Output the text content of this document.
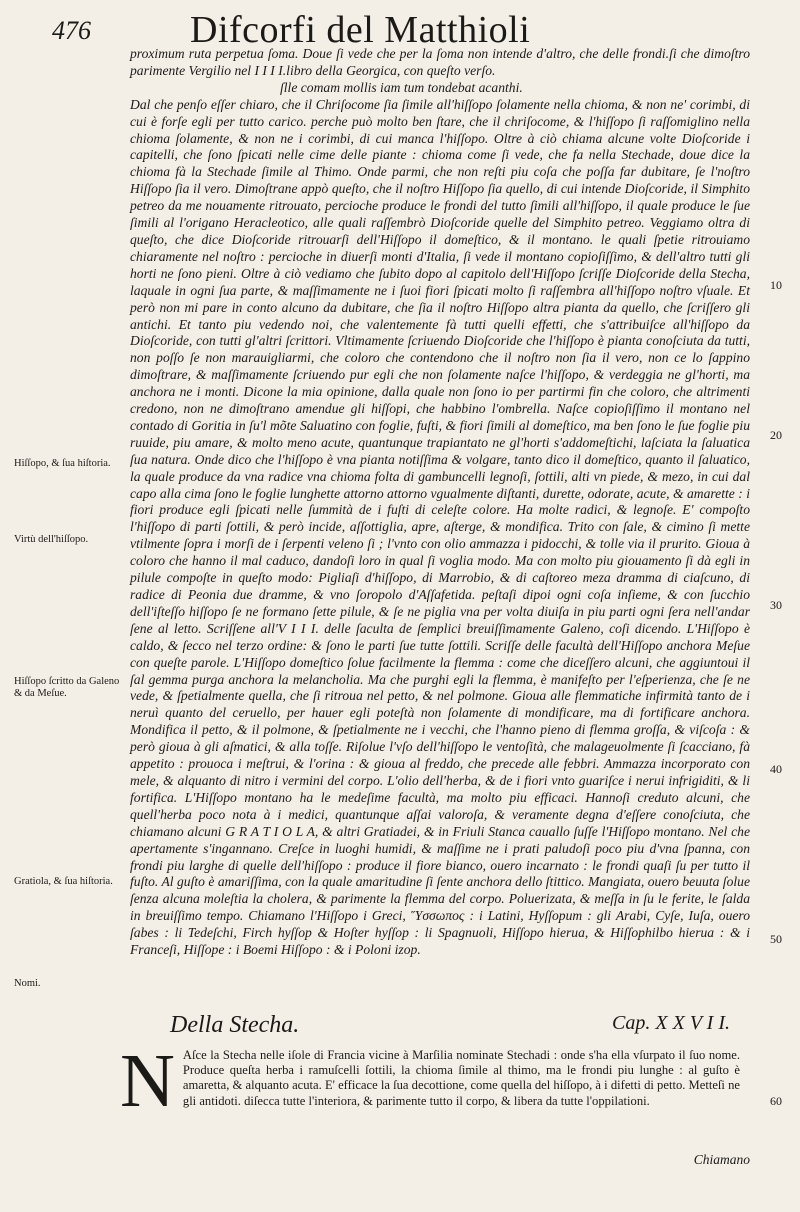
476	Difcorfi del Matthioli

proximum ruta perpetua ſoma. Doue ſi vede che per la ſoma non intende d'altro, che delle frondi.ſi che dimoſtro parimente Vergilio nel I I I I.libro della Georgica, con queſto verſo.

ſlle comam mollis iam tum tondebat acanthi.

Dal che penſo eſſer chiaro, che il Chriſocome ſia ſimile all'hiſſopo ſolamente nella chioma, & non ne' corimbi, di cui è forſe egli per tutto carico. perche può molto ben ſtare, che il chriſocome, & l'hiſſopo ſi raſſomiglino nella chioma ſolamente, & non ne i corimbi, di cui manca l'hiſſopo. Oltre à ciò chiama alcune volte Dioſcoride i capitelli, che ſono ſpicati nelle cime delle piante : chioma come ſi vede, che fa nella Stechade, doue dice la chioma fà la Stechade ſimile al Thimo. Onde parmi, che non reſti piu coſa che poſſa far dubitare, ſe l'noſtro Hiſſopo ſia il vero. Dimoſtrane appò queſto, che il noſtro Hiſſopo ſia quello, di cui intende Dioſcoride, il Simphito petreo da me nouamente ritrouato, percioche produce le frondi del tutto ſimili all'hiſſopo, il quale produce le ſue ſimili al l'origano Heracleotico, alle quali raſſembrò Dioſcoride quelle del Simphito petreo. Veggiamo oltra di queſto, che dice Dioſcoride ritrouarſi dell'Hiſſopo il domeſtico, & il montano. le quali ſpetie ritrouiamo chiaramente nel noſtro : percioche in diuerſi monti d'Italia, ſi vede il montano copioſiſſimo, & dell'altro tutti gli horti ne ſono pieni. Oltre à ciò vediamo che ſubito dopo al capitolo dell'Hiſſopo ſcriſſe Dioſcoride della Stecha, laquale in ogni ſua parte, & maſſimamente ne i ſuoi fiori ſpicati molto ſi raſſembra all'hiſſopo noſtro vſuale. Et però non mi pare in conto alcuno da dubitare, che ſia il noſtro Hiſſopo altra pianta da quello, che ſcriſſero gli antichi. Et tanto piu vedendo noi, che valentemente fà tutti quelli effetti, che s'attribuiſce all'hiſſopo da Dioſcoride, con tutti gl'altri ſcrittori. Vltimamente ſcriuendo Dioſcoride che l'hiſſopo è pianta conoſciuta da tutti, non poſſo ſe non marauigliarmi, che coloro che contendono che il noſtro non ſia il vero, non ce lo ſappino dimoſtrare, & maſſimamente ſcriuendo pur egli che non ſolamente naſce l'hiſſopo, & verdeggia ne gl'horti, ma anchora ne i monti. Dicone la mia opinione, dalla quale non ſono io per partirmi fin che coloro, che altrimenti credono, non ne dimoſtrano amendue gli hiſſopi, che habbino l'ombrella. Naſce copioſiſſimo il montano nel contado di Goritia in ſu'l mõte Saluatino con foglie, fuſti, & fiori ſimili al domeſtico, ma ben ſono le ſue foglie piu ruuide, piu amare, & molto meno acute, quantunque trapiantato ne gl'horti s'addomeſtichi, laſciata la ſaluatica ſua natura. Onde dico che l'hiſſopo è vna pianta notiſſima & volgare, tanto dico il domeſtico, quanto il ſaluatico, la quale produce da vna radice vna chioma folta di gambuncelli legnoſi, ſottili, alti vn piede, & mezo, in cui dal capo alla cima ſono le foglie lunghette attorno attorno vgualmente diſtanti, durette, odorate, acute, & amarette : i fiori produce egli ſpicati nelle ſummità de i fuſti di celeſte colore. Ha molte radici, & legnoſe. E' compoſto l'hiſſopo di parti ſottili, & però incide, aſſottiglia, apre, aſterge, & mondifica. Trito con ſale, & cimino ſi mette vtilmente ſopra i morſi de i ſerpenti veleno ſi ; l'vnto con olio ammazza i pidocchi, & tolle via il prurito. Gioua à coloro che hanno il mal caduco, dandoſi loro in qual ſi voglia modo. Ma con molto piu giouamento ſi dà egli in pilule compoſte in queſto modo: Pigliaſi d'hiſſopo, di Marrobio, & di caſtoreo meza dramma di ciaſcuno, di radice di Peonia due dramme, & vno ſoropolo d'Aſſafetida. peſtaſi dipoi ogni coſa inſieme, & con ſucchio dell'iſteſſo hiſſopo ſe ne formano ſette pilule, & ſe ne piglia vna per volta diuiſa in piu parti ogni ſera nell'andar ſene al letto. Scriſſene all'V I I I. delle ſaculta de ſemplici breuiſſimamente Galeno, coſi dicendo. L'Hiſſopo è caldo, & ſecco nel terzo ordine: & ſono le parti ſue tutte ſottili. Scriſſe delle facultà dell'Hiſſopo anchora Meſue con queſte parole. L'Hiſſopo domeſtico ſolue facilmente la flemma : come che diceſſero alcuni, che aggiuntoui il ſal gemma purga anchora la melancholia. Ma che purghi egli la flemma, è manifeſto per l'eſperienza, che ſe ne vede, & ſpetialmente quella, che ſi ritroua nel petto, & nel polmone. Gioua alle flemmatiche infirmità tanto de i neruì quanto del ceruello, per hauer egli poteſtà non ſolamente di mondificare, ma di fortificare anchora. Mondifica il petto, & il polmone, & ſpetialmente ne i vecchi, che l'hanno pieno di flemma groſſa, & viſcoſa : & però gioua à gli aſmatici, & alla toſſe. Riſolue l'vſo dell'hiſſopo le ventoſità, che malageuolmente ſi ſcacciano, fà appetito : prouoca i meſtrui, & l'orina : & gioua al freddo, che precede alle febbri. Ammazza incorporato con mele, & alquanto di nitro i vermini del corpo. L'olio dell'herba, & de i fiori vnto guariſce i nerui infrigiditi, & li fortifica. L'Hiſſopo montano ha le medeſime facultà, ma molto piu efficaci. Hannoſi creduto alcuni, che quell'herba poco nota à i medici, quantunque aſſai valoroſa, & veramente degna d'eſſere conoſciuta, che chiamano alcuni G R A T I O L A, & altri Gratiadei, & in Friuli Stanca cauallo ſuſſe l'Hiſſopo montano. Nel che apertamente s'ingannano. Creſce in luoghi humidi, & maſſime ne i prati paludoſi poco piu d'vna ſpanna, con frondi piu larghe di quelle dell'hiſſopo : produce il fiore bianco, ouero incarnato : le frondi quaſi ſu per tutto il fuſto. Al guſto è amariſſima, con la quale amaritudine ſi ſente anchora dello ſtittico. Mangiata, ouero beuuta ſolue ſenza alcuna moleſtia la cholera, & parimente la flemma del corpo. Poluerizata, & meſſa in ſu le ferite, le ſalda in breuiſſimo tempo. Chiamano l'Hiſſopo i Greci, Ὕσσωπος : i Latini, Hyſſopum : gli Arabi, Cyſe, Iuſa, ouero ſabes : li Tedeſchi, Firch hyſſop & Hoſter hyſſop : li Spagnuoli, Hiſſopo hierua, & Hiſſophilbo hierua : & i Franceſi, Hiſſope : i Boemi Hiſſopo : & i Poloni izop.

10
20
30
40
50
60
Hiſſopo, & ſua hiſtoria.
Virtù dell'hiſſopo.
Hiſſopo ſcritto da Galeno & da Meſue.
Gratiola, & ſua hiſtoria.
Nomi.
Della Stecha.	Cap. X X V I I.
N Aſce la Stecha nelle iſole di Francia vicine à Marſilia nominate Stechadi : onde s'ha ella vſurpato il ſuo nome. Produce queſta herba i ramuſcelli ſottili, la chioma ſimile al thimo, ma le frondi piu lunghe : al guſto è amaretta, & alquanto acuta. E' efficace la ſua decottione, come quella del hiſſopo, à i difetti di petto. Metteſi ne gli antidoti. diſecca tutte l'interiora, & parimente tutto il corpo, & libera da tutte l'oppilationi.
Chiamano
